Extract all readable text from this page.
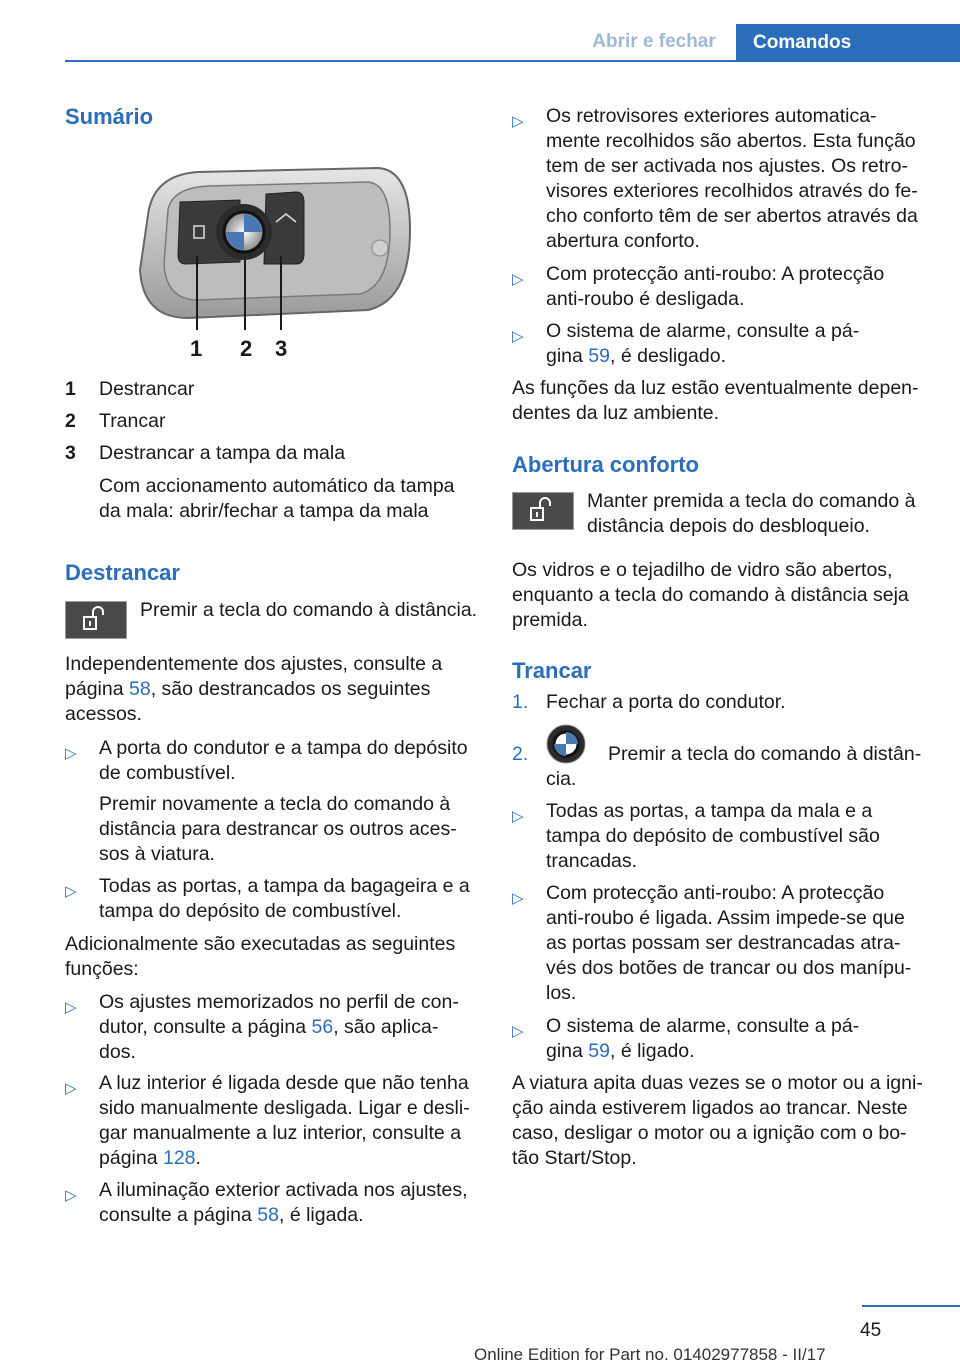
Abrir e fechar	Comandos
Sumário
1 2 3
1 Destrancar
2 Trancar
3 Destrancar a tampa da mala
Com accionamento automático da tampa
da mala: abrir/fechar a tampa da mala
Destrancar
Premir a tecla do comando à distância.
Independentemente dos ajustes, consulte a
página 58, são destrancados os seguintes
acessos.
▷ A porta do condutor e a tampa do depósito
de combustível.
Premir novamente a tecla do comando à
distância para destrancar os outros aces-
sos à viatura.
▷ Todas as portas, a tampa da bagageira e a
tampa do depósito de combustível.
Adicionalmente são executadas as seguintes
funções:
▷ Os ajustes memorizados no perfil de con-
dutor, consulte a página 56, são aplica-
dos.
▷ A luz interior é ligada desde que não tenha
sido manualmente desligada. Ligar e desli-
gar manualmente a luz interior, consulte a
página 128.
▷ A iluminação exterior activada nos ajustes,
consulte a página 58, é ligada.
▷ Os retrovisores exteriores automatica-
mente recolhidos são abertos. Esta função
tem de ser activada nos ajustes. Os retro-
visores exteriores recolhidos através do fe-
cho conforto têm de ser abertos através da
abertura conforto.
▷ Com protecção anti-roubo: A protecção
anti-roubo é desligada.
▷ O sistema de alarme, consulte a pá-
gina 59, é desligado.
As funções da luz estão eventualmente depen-
dentes da luz ambiente.
Abertura conforto
Manter premida a tecla do comando à
distância depois do desbloqueio.
Os vidros e o tejadilho de vidro são abertos,
enquanto a tecla do comando à distância seja
premida.
Trancar
1. Fechar a porta do condutor.
2.	Premir a tecla do comando à distân-
cia.
▷ Todas as portas, a tampa da mala e a
tampa do depósito de combustível são
trancadas.
▷ Com protecção anti-roubo: A protecção
anti-roubo é ligada. Assim impede-se que
as portas possam ser destrancadas atra-
vés dos botões de trancar ou dos manípu-
los.
▷ O sistema de alarme, consulte a pá-
gina 59, é ligado.
A viatura apita duas vezes se o motor ou a igni-
ção ainda estiverem ligados ao trancar. Neste
caso, desligar o motor ou a ignição com o bo-
tão Start/Stop.
45
Online Edition for Part no. 01402977858 - II/17
